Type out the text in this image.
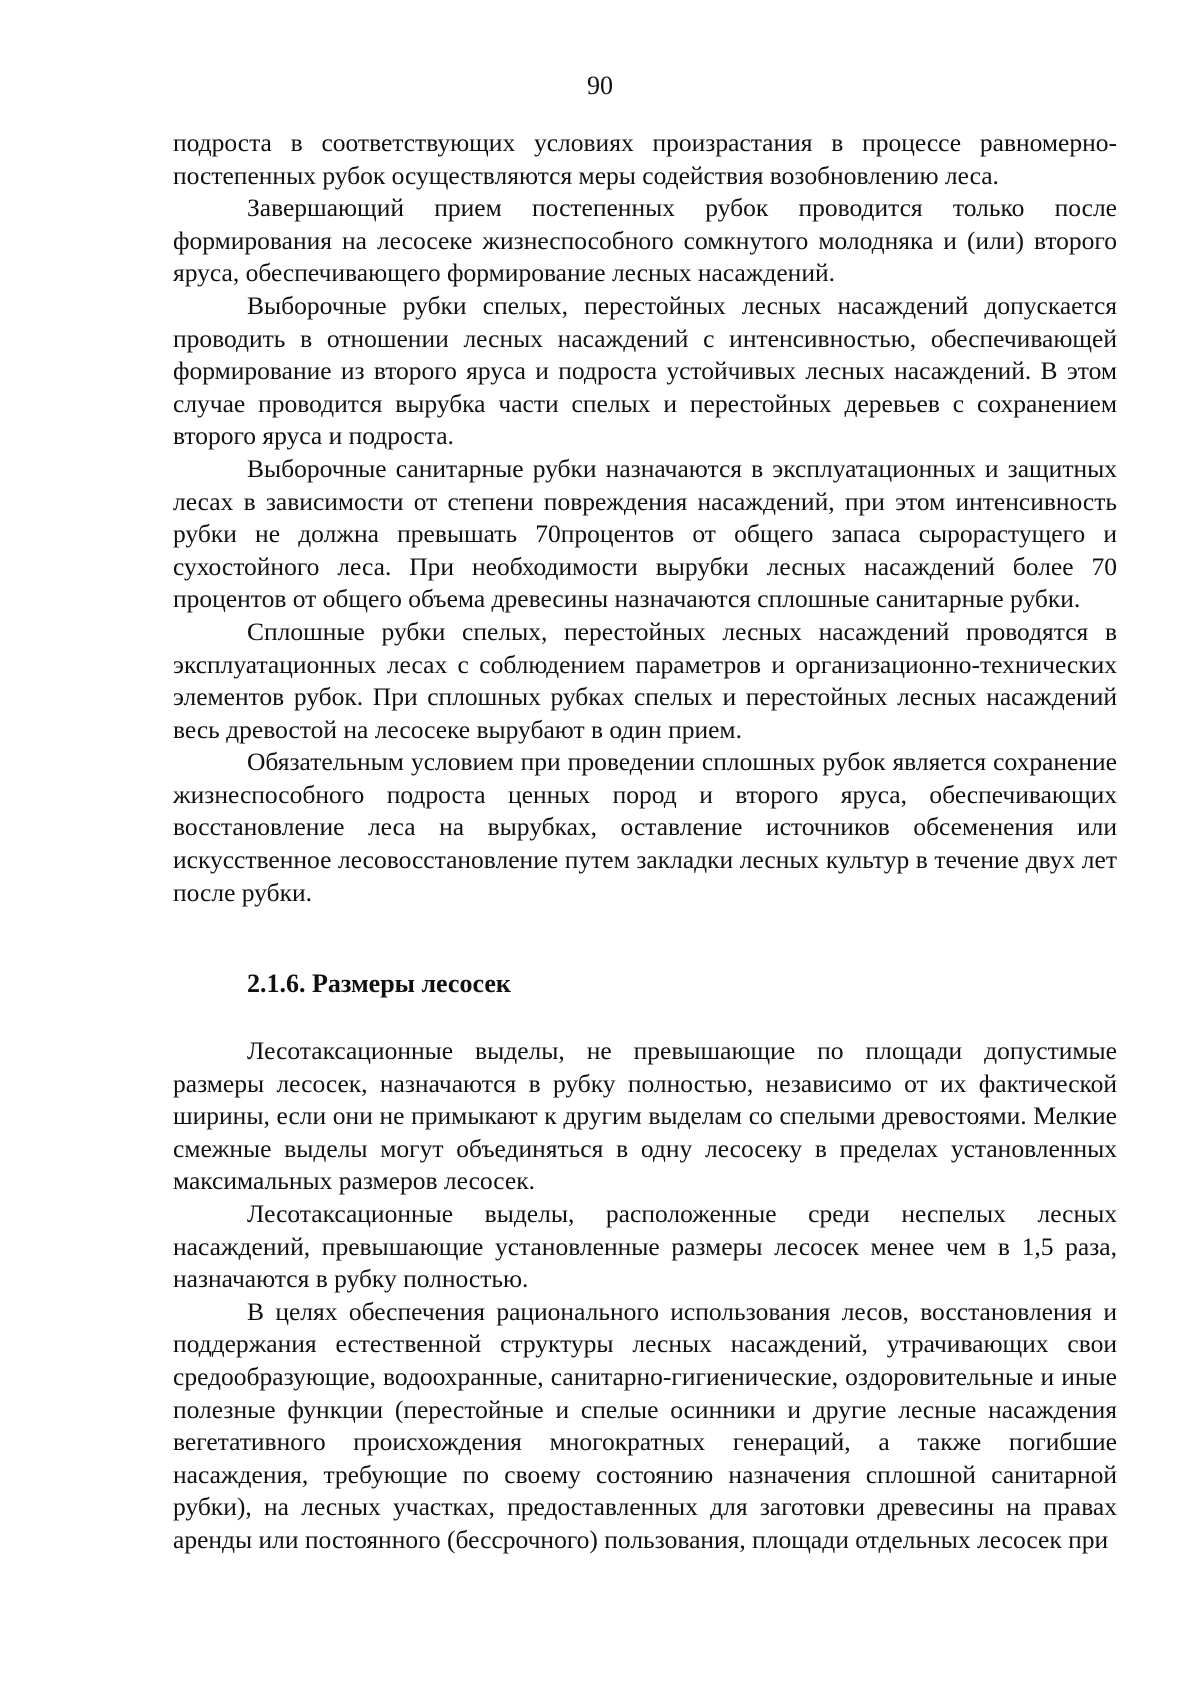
90

подроста в соответствующих условиях произрастания в процессе равномерно-постепенных рубок осуществляются меры содействия возобновлению леса.

Завершающий прием постепенных рубок проводится только после формирования на лесосеке жизнеспособного сомкнутого молодняка и (или) второго яруса, обеспечивающего формирование лесных насаждений.

Выборочные рубки спелых, перестойных лесных насаждений допускается проводить в отношении лесных насаждений с интенсивностью, обеспечивающей формирование из второго яруса и подроста устойчивых лесных насаждений. В этом случае проводится вырубка части спелых и перестойных деревьев с сохранением второго яруса и подроста.

Выборочные санитарные рубки назначаются в эксплуатационных и защитных лесах в зависимости от степени повреждения насаждений, при этом интенсивность рубки не должна превышать 70процентов от общего запаса сырорастущего и сухостойного леса. При необходимости вырубки лесных насаждений более 70 процентов от общего объема древесины назначаются сплошные санитарные рубки.

Сплошные рубки спелых, перестойных лесных насаждений проводятся в эксплуатационных лесах с соблюдением параметров и организационно-технических элементов рубок. При сплошных рубках спелых и перестойных лесных насаждений весь древостой на лесосеке вырубают в один прием.

Обязательным условием при проведении сплошных рубок является сохранение жизнеспособного подроста ценных пород и второго яруса, обеспечивающих восстановление леса на вырубках, оставление источников обсеменения или искусственное лесовосстановление путем закладки лесных культур в течение двух лет после рубки.

2.1.6. Размеры лесосек

Лесотаксационные выделы, не превышающие по площади допустимые размеры лесосек, назначаются в рубку полностью, независимо от их фактической ширины, если они не примыкают к другим выделам со спелыми древостоями. Мелкие смежные выделы могут объединяться в одну лесосеку в пределах установленных максимальных размеров лесосек.

Лесотаксационные выделы, расположенные среди неспелых лесных насаждений, превышающие установленные размеры лесосек менее чем в 1,5 раза, назначаются в рубку полностью.

В целях обеспечения рационального использования лесов, восстановления и поддержания естественной структуры лесных насаждений, утрачивающих свои средообразующие, водоохранные, санитарно-гигиенические, оздоровительные и иные полезные функции (перестойные и спелые осинники и другие лесные насаждения вегетативного происхождения многократных генераций, а также погибшие насаждения, требующие по своему состоянию назначения сплошной санитарной рубки), на лесных участках, предоставленных для заготовки древесины на правах аренды или постоянного (бессрочного) пользования, площади отдельных лесосек при
